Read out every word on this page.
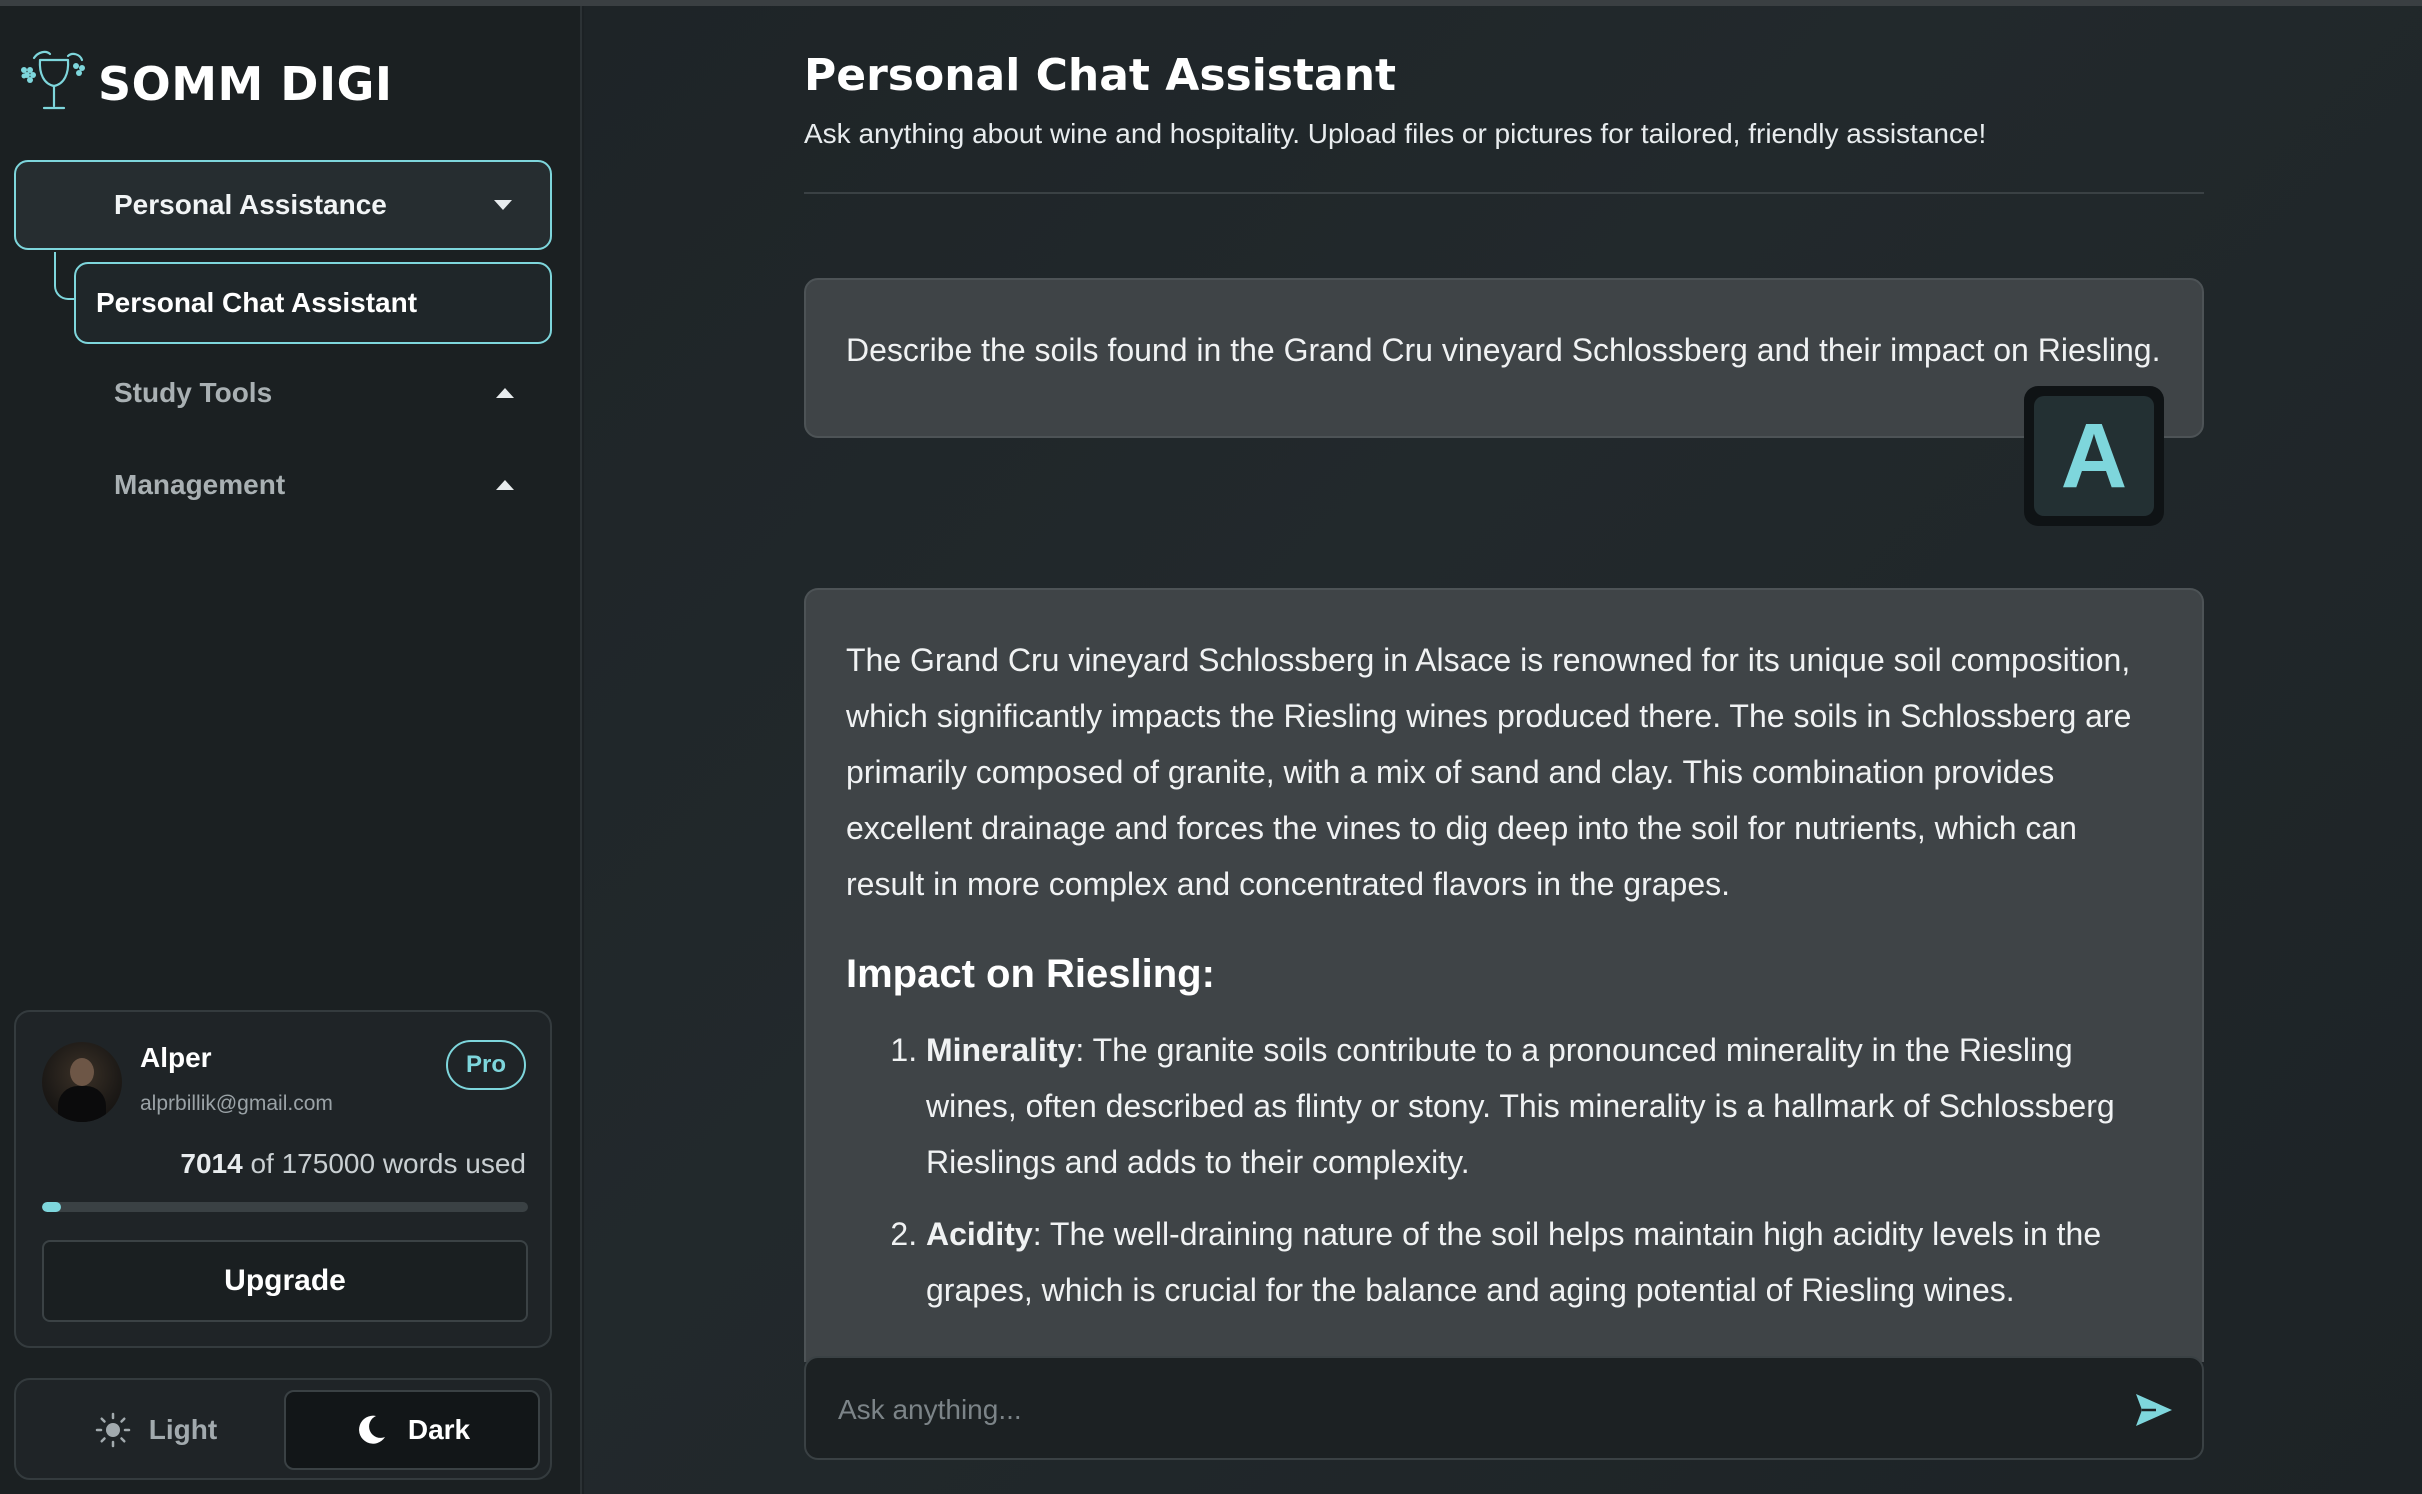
SOMM DIGI
Personal Assistance
Personal Chat Assistant
Study Tools
Management
Alper
alprbillik@gmail.com
Pro
7014 of 175000 words used
Upgrade
Light	Dark
Personal Chat Assistant
Ask anything about wine and hospitality. Upload files or pictures for tailored, friendly assistance!
Describe the soils found in the Grand Cru vineyard Schlossberg and their impact on Riesling.
A

The Grand Cru vineyard Schlossberg in Alsace is renowned for its unique soil composition, which significantly impacts the Riesling wines produced there. The soils in Schlossberg are primarily composed of granite, with a mix of sand and clay. This combination provides excellent drainage and forces the vines to dig deep into the soil for nutrients, which can result in more complex and concentrated flavors in the grapes.

Impact on Riesling:
1. Minerality: The granite soils contribute to a pronounced minerality in the Riesling wines, often described as flinty or stony. This minerality is a hallmark of Schlossberg Rieslings and adds to their complexity.
2. Acidity: The well-draining nature of the soil helps maintain high acidity levels in the grapes, which is crucial for the balance and aging potential of Riesling wines.
Ask anything...
